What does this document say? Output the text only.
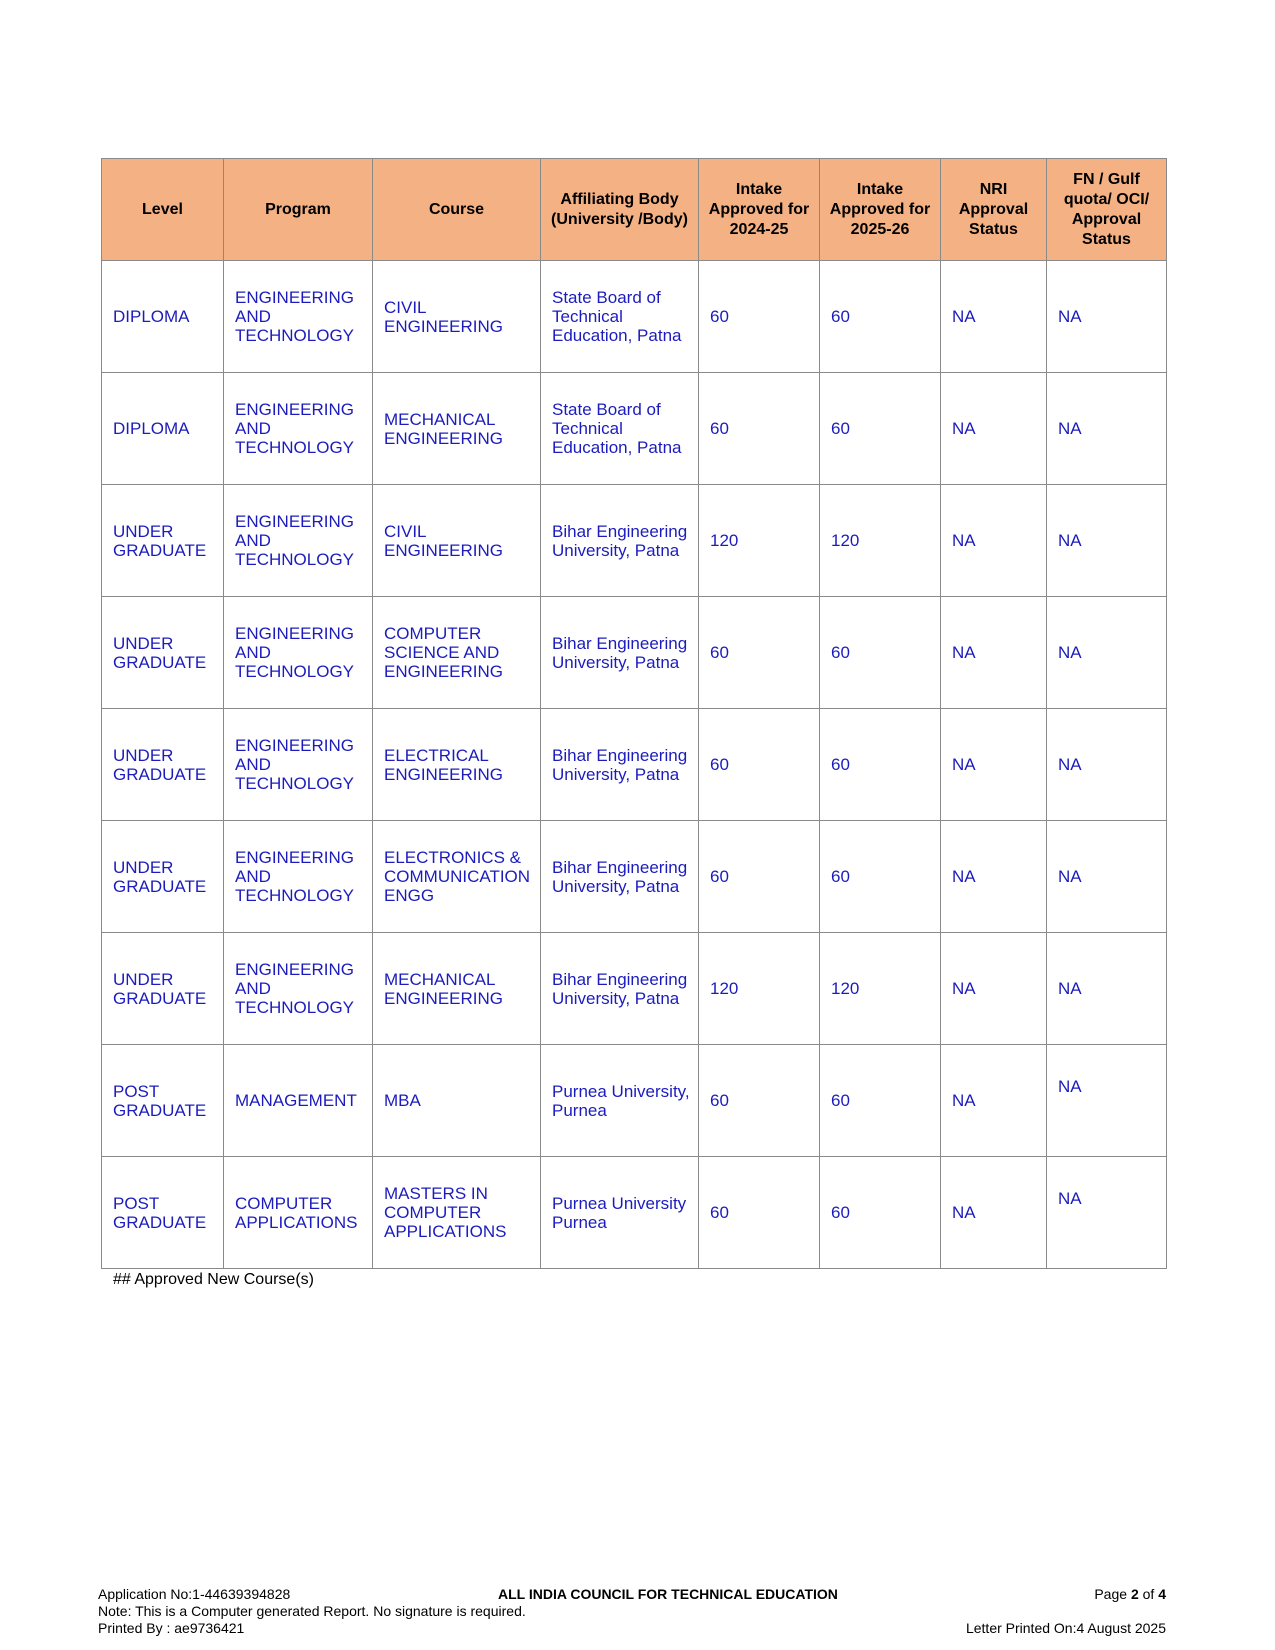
Level	Program	Course	Affiliating Body (University /Body)	Intake Approved for 2024-25	Intake Approved for 2025-26	NRI Approval Status	FN / Gulf quota/ OCI/ Approval Status
DIPLOMA	ENGINEERING AND TECHNOLOGY	CIVIL ENGINEERING	State Board of Technical Education, Patna	60	60	NA	NA
DIPLOMA	ENGINEERING AND TECHNOLOGY	MECHANICAL ENGINEERING	State Board of Technical Education, Patna	60	60	NA	NA
UNDER GRADUATE	ENGINEERING AND TECHNOLOGY	CIVIL ENGINEERING	Bihar Engineering University, Patna	120	120	NA	NA
UNDER GRADUATE	ENGINEERING AND TECHNOLOGY	COMPUTER SCIENCE AND ENGINEERING	Bihar Engineering University, Patna	60	60	NA	NA
UNDER GRADUATE	ENGINEERING AND TECHNOLOGY	ELECTRICAL ENGINEERING	Bihar Engineering University, Patna	60	60	NA	NA
UNDER GRADUATE	ENGINEERING AND TECHNOLOGY	ELECTRONICS & COMMUNICATION ENGG	Bihar Engineering University, Patna	60	60	NA	NA
UNDER GRADUATE	ENGINEERING AND TECHNOLOGY	MECHANICAL ENGINEERING	Bihar Engineering University, Patna	120	120	NA	NA
POST GRADUATE	MANAGEMENT	MBA	Purnea University, Purnea	60	60	NA	NA
POST GRADUATE	COMPUTER APPLICATIONS	MASTERS IN COMPUTER APPLICATIONS	Purnea University Purnea	60	60	NA	NA
## Approved New Course(s)
Application No:1-44639394828
Note: This is a Computer generated Report. No signature is required.
Printed By : ae9736421
ALL INDIA COUNCIL FOR TECHNICAL EDUCATION	Page 2 of 4
Letter Printed On:4 August 2025
